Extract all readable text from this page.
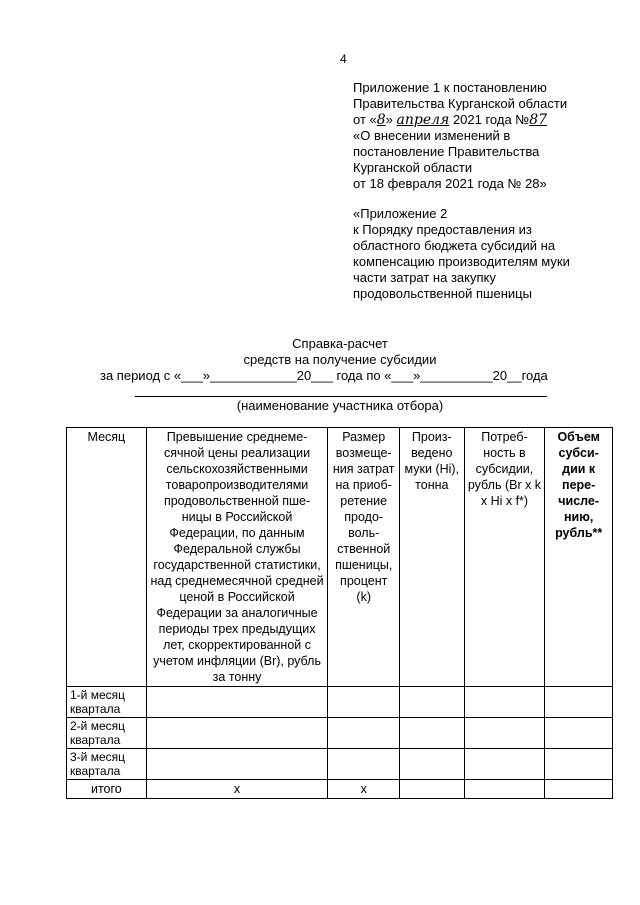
4
Приложение 1 к постановлению
Правительства Курганской области
от «8» апреля 2021 года №87
«О внесении изменений в
постановление Правительства
Курганской области
от 18 февраля 2021 года № 28»
«Приложение 2
к Порядку предоставления из
областного бюджета субсидий на
компенсацию производителям муки
части затрат на закупку
продовольственной пшеницы
Справка-расчет
средств на получение субсидии
за период с «___»____________20___ года по «___»__________20__года
(наименование участника отбора)
Месяц	Превышение среднеме-сячной цены реализации сельскохозяйственными товаропроизводителями продовольственной пше-ницы в Российской Федерации, по данным Федеральной службы государственной статистики, над среднемесячной средней ценой в Российской Федерации за аналогичные периоды трех предыдущих лет, скорректированной с учетом инфляции (Вr), рубль за тонну	Размер возмеще-ния затрат на приоб-ретение продо-воль-ственной пшеницы, процент (k)	Произ-ведено муки (Hi), тонна	Потреб-ность в субсидии, рубль (Вr x k x Hi x f*)	Объем субси-дии к пере-числе-нию, рубль**
1-й месяц квартала					
2-й месяц квартала					
3-й месяц квартала					
итого	x	x			
